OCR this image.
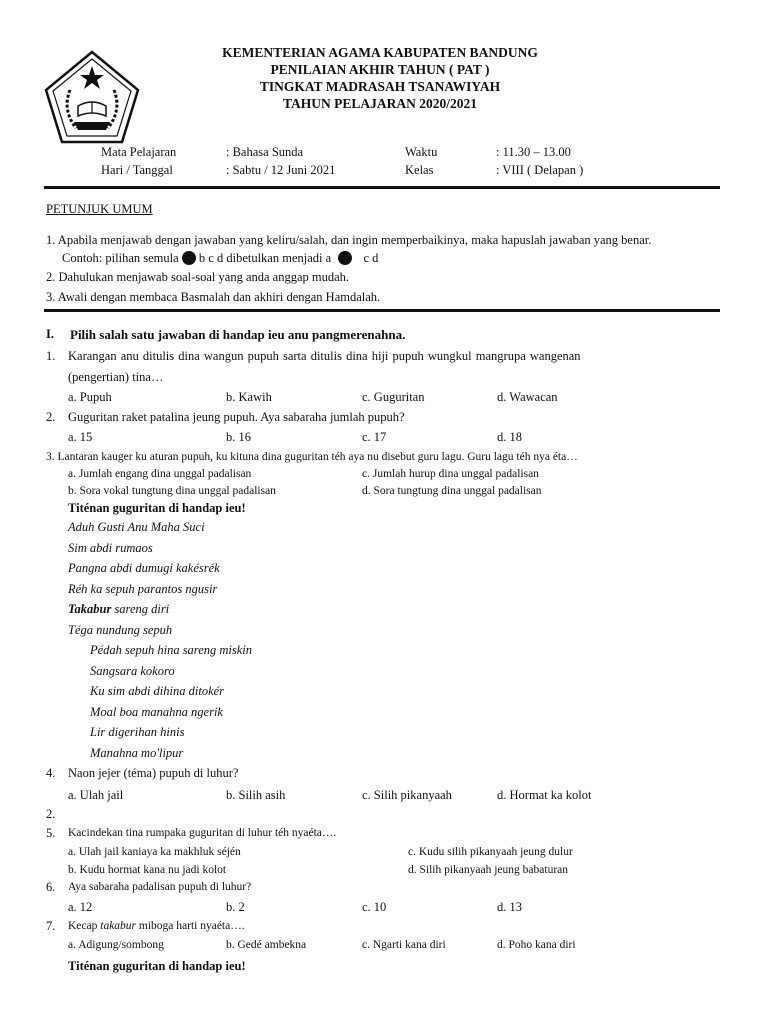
KEMENTERIAN AGAMA KABUPATEN BANDUNG
PENILAIAN AKHIR TAHUN ( PAT )
TINGKAT MADRASAH TSANAWIYAH
TAHUN PELAJARAN 2020/2021
Mata Pelajaran	: Bahasa Sunda	Waktu	: 11.30 – 13.00
Hari / Tanggal	: Sabtu / 12 Juni 2021	Kelas	: VIII ( Delapan )
PETUNJUK UMUM
1. Apabila menjawab dengan jawaban yang keliru/salah, dan ingin memperbaikinya, maka hapuslah jawaban yang benar.
Contoh: pilihan semula b c d dibetulkan menjadi a	c d
2. Dahulukan menjawab soal-soal yang anda anggap mudah.
3. Awali dengan membaca Basmalah dan akhiri dengan Hamdalah.
I. Pilih salah satu jawaban di handap ieu anu pangmerenahna.
1. Karangan anu ditulis dina wangun pupuh sarta ditulis dina hiji pupuh wungkul mangrupa wangenan
(pengertian) tina…
a. Pupuh	b. Kawih	c. Guguritan	d. Wawacan
2. Guguritan raket patalina jeung pupuh. Aya sabaraha jumlah pupuh?
a. 15	b. 16	c. 17	d. 18
3. Lantaran kauger ku aturan pupuh, ku kituna dina guguritan téh aya nu disebut guru lagu. Guru lagu téh nya éta…
a. Jumlah engang dina unggal padalisan	c. Jumlah hurup dina unggal padalisan
b. Sora vokal tungtung dina unggal padalisan	d. Sora tungtung dina unggal padalisan
Titénan guguritan di handap ieu!
Aduh Gusti Anu Maha Suci
Sim abdi rumaos
Pangna abdi dumugi kakésrék
Réh ka sepuh parantos ngusir
Takabur sareng diri
Téga nundung sepuh
Pédah sepuh hina sareng miskin
Sangsara kokoro
Ku sim abdi dihina ditokér
Moal boa manahna ngerik
Lir digerihan hinis
Manahna mo'lipur
4. Naon jejer (téma) pupuh di luhur?
a. Ulah jail	b. Silih asih	c. Silih pikanyaah	d. Hormat ka kolot
2.
5. Kacindekan tina rumpaka guguritan di luhur téh nyaéta….
a. Ulah jail kaniaya ka makhluk séjén	c. Kudu silih pikanyaah jeung dulur
b. Kudu hormat kana nu jadi kolot	d. Silih pikanyaah jeung babaturan
6. Aya sabaraha padalisan pupuh di luhur?
a. 12	b. 2	c. 10	d. 13
7. Kecap takabur miboga harti nyaéta….
a. Adigung/sombong	b. Gedé ambekna	c. Ngarti kana diri	d. Poho kana diri
Titénan guguritan di handap ieu!
